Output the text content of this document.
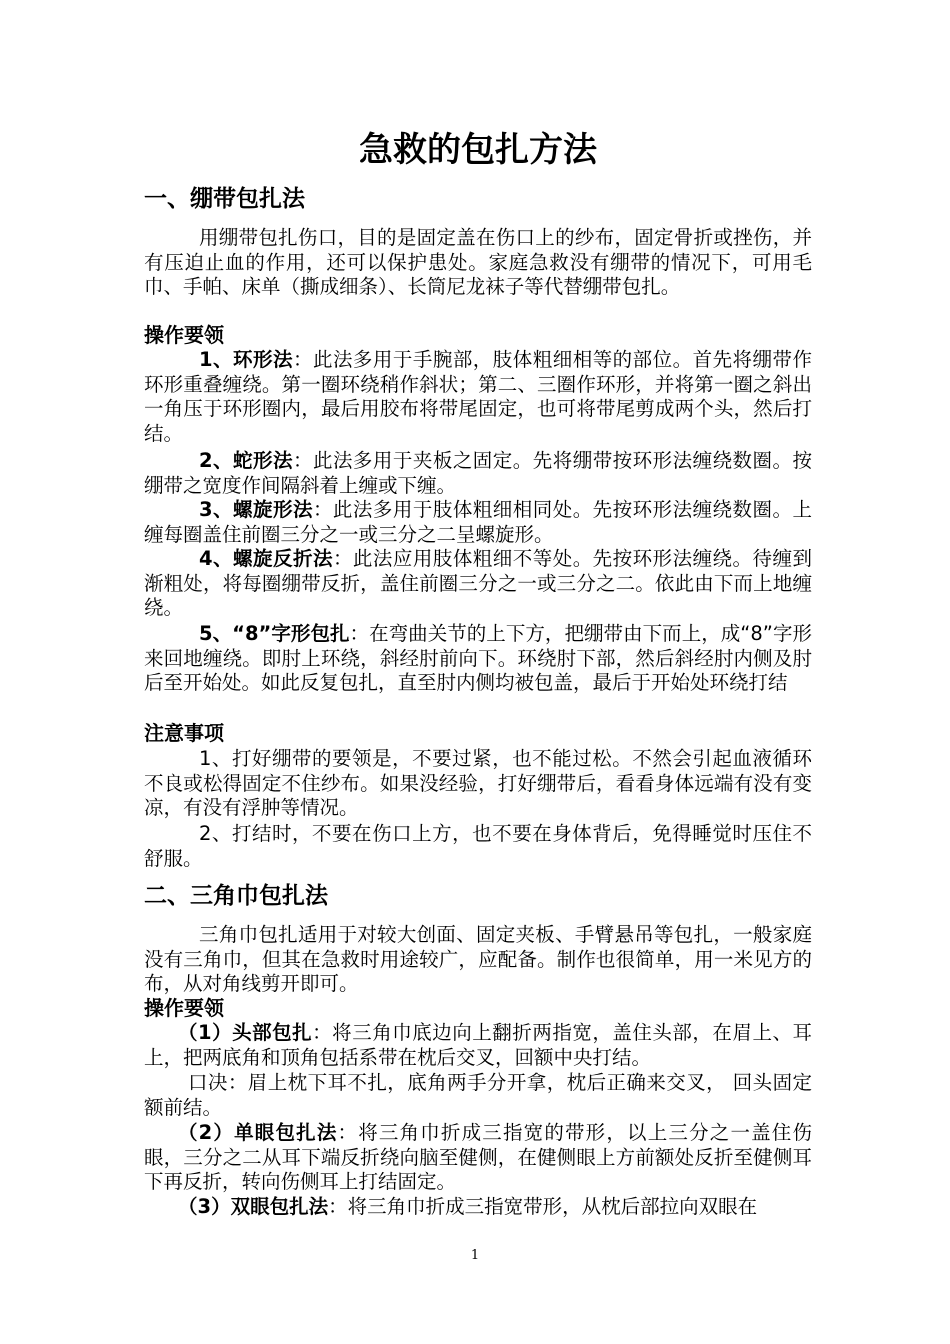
急救的包扎方法
一、绷带包扎法

用绷带包扎伤口，目的是固定盖在伤口上的纱布，固定骨折或挫伤，并有压迫止血的作用，还可以保护患处。家庭急救没有绷带的情况下，可用毛巾、手帕、床单（撕成细条）、长筒尼龙袜子等代替绷带包扎。

操作要领

1、环形法：此法多用于手腕部，肢体粗细相等的部位。首先将绷带作环形重叠缠绕。第一圈环绕稍作斜状；第二、三圈作环形，并将第一圈之斜出一角压于环形圈内，最后用胶布将带尾固定，也可将带尾剪成两个头，然后打结。

2、蛇形法：此法多用于夹板之固定。先将绷带按环形法缠绕数圈。按绷带之宽度作间隔斜着上缠或下缠。

3、螺旋形法：此法多用于肢体粗细相同处。先按环形法缠绕数圈。上缠每圈盖住前圈三分之一或三分之二呈螺旋形。

4、螺旋反折法：此法应用肢体粗细不等处。先按环形法缠绕。待缠到渐粗处，将每圈绷带反折，盖住前圈三分之一或三分之二。依此由下而上地缠绕。

5、“8”字形包扎：在弯曲关节的上下方，把绷带由下而上，成“8”字形来回地缠绕。即肘上环绕，斜经肘前向下。环绕肘下部，然后斜经肘内侧及肘后至开始处。如此反复包扎，直至肘内侧均被包盖，最后于开始处环绕打结

注意事项

1、打好绷带的要领是，不要过紧，也不能过松。不然会引起血液循环不良或松得固定不住纱布。如果没经验，打好绷带后，看看身体远端有没有变凉，有没有浮肿等情况。

2、打结时，不要在伤口上方，也不要在身体背后，免得睡觉时压住不舒服。

二、三角巾包扎法

三角巾包扎适用于对较大创面、固定夹板、手臂悬吊等包扎，一般家庭没有三角巾，但其在急救时用途较广，应配备。制作也很简单，用一米见方的布，从对角线剪开即可。

操作要领

（1）头部包扎：将三角巾底边向上翻折两指宽，盖住头部，在眉上、耳上，把两底角和顶角包括系带在枕后交叉，回额中央打结。

口决：眉上枕下耳不扎，底角两手分开拿，枕后正确来交叉， 回头固定额前结。

（2）单眼包扎法：将三角巾折成三指宽的带形，以上三分之一盖住伤眼，三分之二从耳下端反折绕向脑至健侧，在健侧眼上方前额处反折至健侧耳下再反折，转向伤侧耳上打结固定。

（3）双眼包扎法：将三角巾折成三指宽带形，从枕后部拉向双眼在

1
